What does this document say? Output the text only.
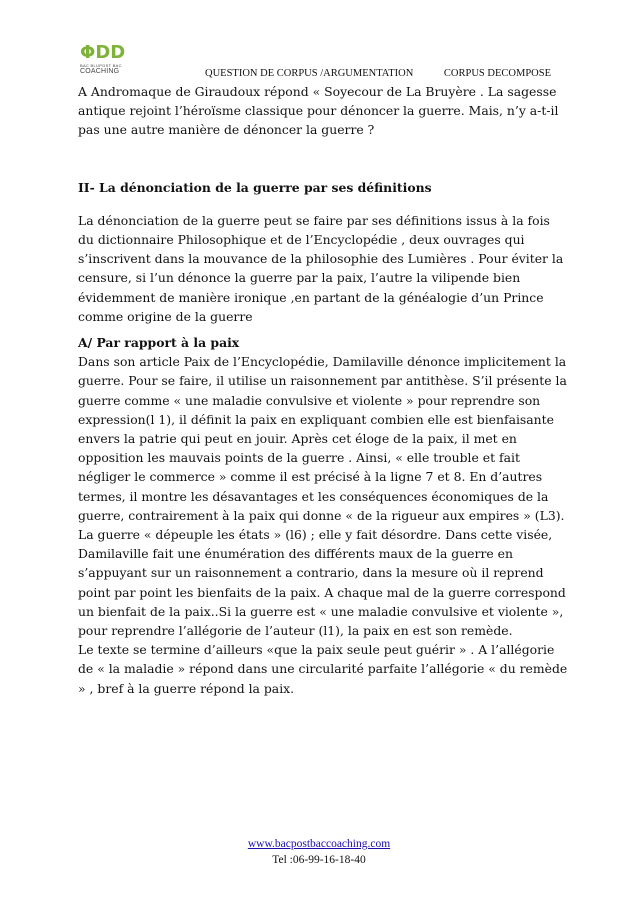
Φ D D
BAC BLUPOST BAC
COACHING	QUESTION DE CORPUS /ARGUMENTATION	CORPUS DECOMPOSE

A Andromaque de Giraudoux répond « Soyecour de La Bruyère . La sagesse antique rejoint l’héroïsme classique pour dénoncer la guerre. Mais, n’y a-t-il pas une autre manière de dénoncer la guerre ?

II- La dénonciation de la guerre par ses définitions

La dénonciation de la guerre peut se faire par ses définitions issus à la fois du dictionnaire Philosophique et de l’Encyclopédie , deux ouvrages qui s’inscrivent dans la mouvance de la philosophie des Lumières . Pour éviter la censure, si l’un dénonce la guerre par la paix, l’autre la vilipende bien évidemment de manière ironique ,en partant de la généalogie d’un Prince comme origine de la guerre

A/ Par rapport à la paix

Dans son article Paix de l’Encyclopédie, Damilaville dénonce implicitement la guerre. Pour se faire, il utilise un raisonnement par antithèse. S’il présente la guerre comme « une maladie convulsive et violente » pour reprendre son expression(l 1), il définit la paix en expliquant combien elle est bienfaisante envers la patrie qui peut en jouir. Après cet éloge de la paix, il met en opposition les mauvais points de la guerre . Ainsi, « elle trouble et fait négliger le commerce » comme il est précisé à la ligne 7 et 8. En d’autres termes, il montre les désavantages et les conséquences économiques de la guerre, contrairement à la paix qui donne « de la rigueur aux empires » (L3). La guerre « dépeuple les états » (l6) ; elle y fait désordre. Dans cette visée, Damilaville fait une énumération des différents maux de la guerre en s’appuyant sur un raisonnement a contrario, dans la mesure où il reprend point par point les bienfaits de la paix. A chaque mal de la guerre correspond un bienfait de la paix..Si la guerre est « une maladie convulsive et violente », pour reprendre l’allégorie de l’auteur (l1), la paix en est son remède.

Le texte se termine d’ailleurs «que la paix seule peut guérir » . A l’allégorie de « la maladie » répond dans une circularité parfaite l’allégorie « du remède » , bref à la guerre répond la paix.

www.bacpostbaccoaching.com
Tel :06-99-16-18-40
